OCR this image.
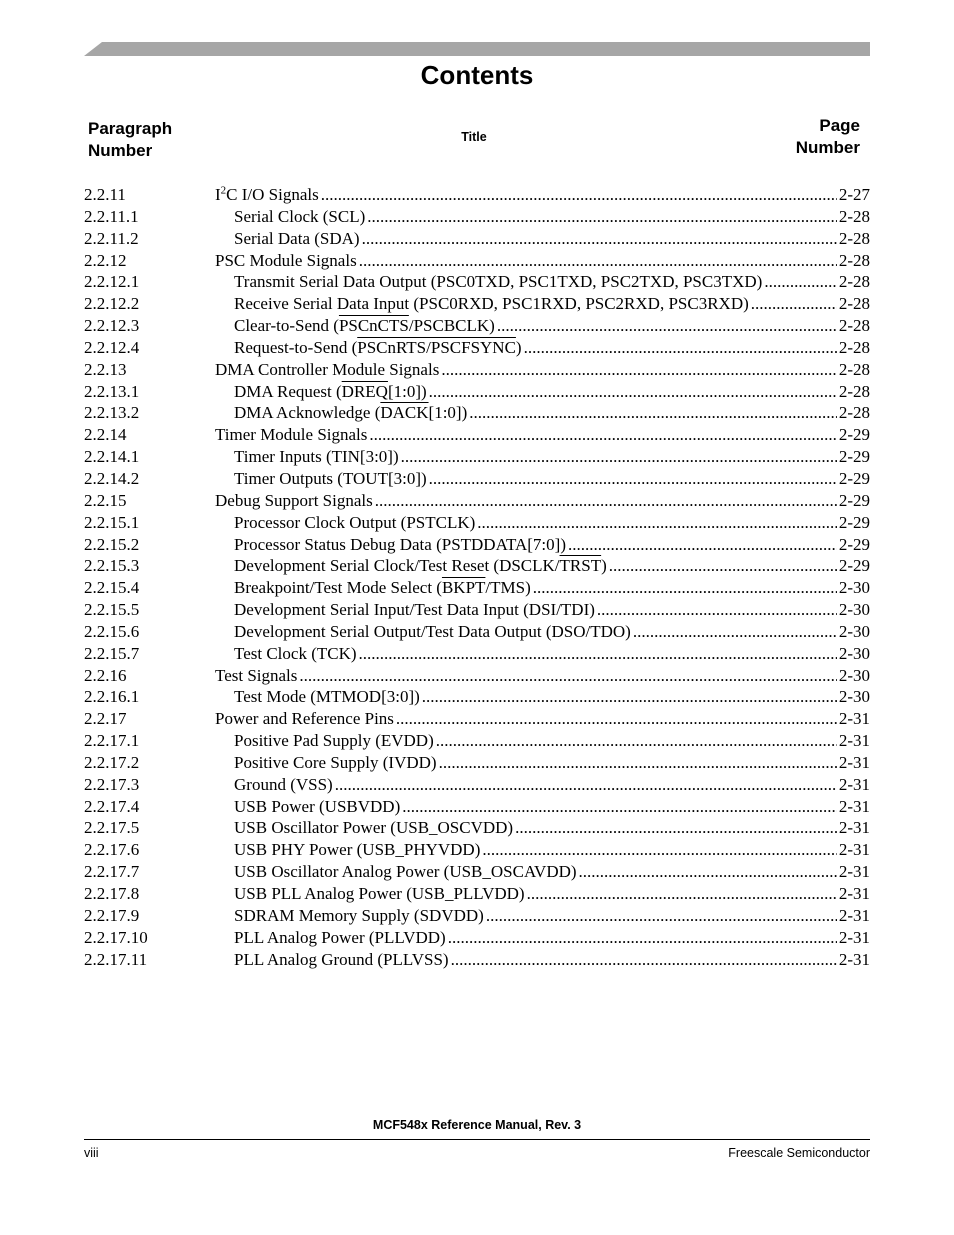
Contents
Paragraph
Number
Title
Page
Number
2.2.11	$I^2C$ I/O Signals .....	2-27
2.2.11.1	Serial Clock (SCL) .....	2-28
2.2.11.2	Serial Data (SDA) .....	2-28
2.2.12	PSC Module Signals .....	2-28
2.2.12.1	Transmit Serial Data Output (PSC0TXD, PSC1TXD, PSC2TXD, PSC3TXD) .....	2-28
2.2.12.2	Receive Serial Data Input (PSC0RXD, PSC1RXD, PSC2RXD, PSC3RXD) .....	2-28
2.2.12.3	Clear-to-Send (PSCnCTS/PSCBCLK) .....	2-28
2.2.12.4	Request-to-Send (PSCnRTS/PSCFSYNC) .....	2-28
2.2.13	DMA Controller Module Signals .....	2-28
2.2.13.1	DMA Request (DREQ[1:0]) .....	2-28
2.2.13.2	DMA Acknowledge (DACK[1:0]) .....	2-28
2.2.14	Timer Module Signals .....	2-29
2.2.14.1	Timer Inputs (TIN[3:0]) .....	2-29
2.2.14.2	Timer Outputs (TOUT[3:0]) .....	2-29
2.2.15	Debug Support Signals .....	2-29
2.2.15.1	Processor Clock Output (PSTCLK) .....	2-29
2.2.15.2	Processor Status Debug Data (PSTDDATA[7:0]) .....	2-29
2.2.15.3	Development Serial Clock/Test Reset (DSCLK/TRST) .....	2-29
2.2.15.4	Breakpoint/Test Mode Select (BKPT/TMS) .....	2-30
2.2.15.5	Development Serial Input/Test Data Input (DSI/TDI) .....	2-30
2.2.15.6	Development Serial Output/Test Data Output (DSO/TDO) .....	2-30
2.2.15.7	Test Clock (TCK) .....	2-30
2.2.16	Test Signals .....	2-30
2.2.16.1	Test Mode (MTMOD[3:0]) .....	2-30
2.2.17	Power and Reference Pins .....	2-31
2.2.17.1	Positive Pad Supply (EVDD) .....	2-31
2.2.17.2	Positive Core Supply (IVDD) .....	2-31
2.2.17.3	Ground (VSS) .....	2-31
2.2.17.4	USB Power (USBVDD) .....	2-31
2.2.17.5	USB Oscillator Power (USB_OSCVDD) .....	2-31
2.2.17.6	USB PHY Power (USB_PHYVDD) .....	2-31
2.2.17.7	USB Oscillator Analog Power (USB_OSCAVDD) .....	2-31
2.2.17.8	USB PLL Analog Power (USB_PLLVDD) .....	2-31
2.2.17.9	SDRAM Memory Supply (SDVDD) .....	2-31
2.2.17.10	PLL Analog Power (PLLVDD) .....	2-31
2.2.17.11	PLL Analog Ground (PLLVSS) .....	2-31
MCF548x Reference Manual, Rev. 3
viii	Freescale Semiconductor
